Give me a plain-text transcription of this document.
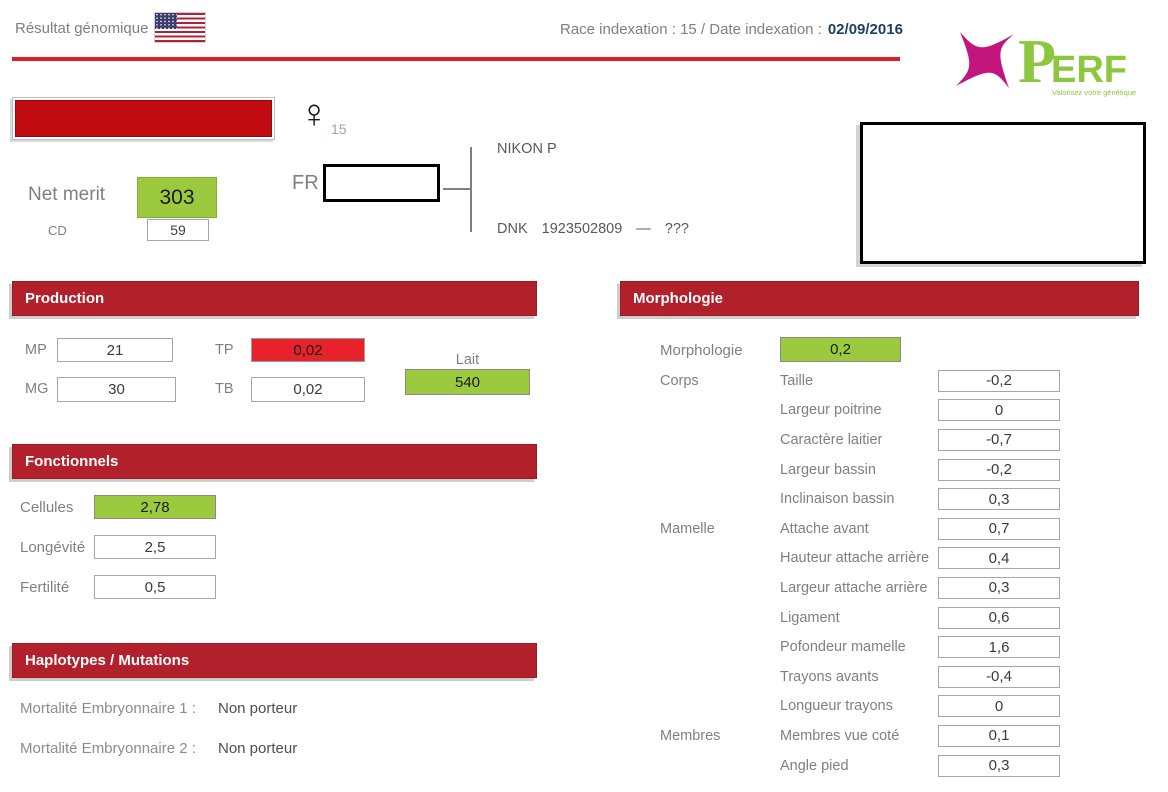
Résultat génomique	Race indexation : 15 / Date indexation : 02/09/2016 P
ERF
Valorisez votre génétique
♀ 15
Net merit	303
CD	59
FR
NIKON P
DNK 1923502809 — ???
Production
MP	21	TP	0,02
MG	30	TB	0,02
Lait
540
Fonctionnels
Cellules	2,78
Longévité	2,5
Fertilité	0,5
Haplotypes / Mutations
Mortalité Embryonnaire 1 : Non porteur
Mortalité Embryonnaire 2 : Non porteur
Morphologie
Morphologie	0,2
Corps	Taille	-0,2
Largeur poitrine	0
Caractère laitier	-0,7
Largeur bassin	-0,2
Inclinaison bassin	0,3
Mamelle	Attache avant	0,7
Hauteur attache arrière	0,4
Largeur attache arrière	0,3
Ligament	0,6
Pofondeur mamelle	1,6
Trayons avants	-0,4
Longueur trayons	0
Membres	Membres vue coté	0,1
Angle pied	0,3
